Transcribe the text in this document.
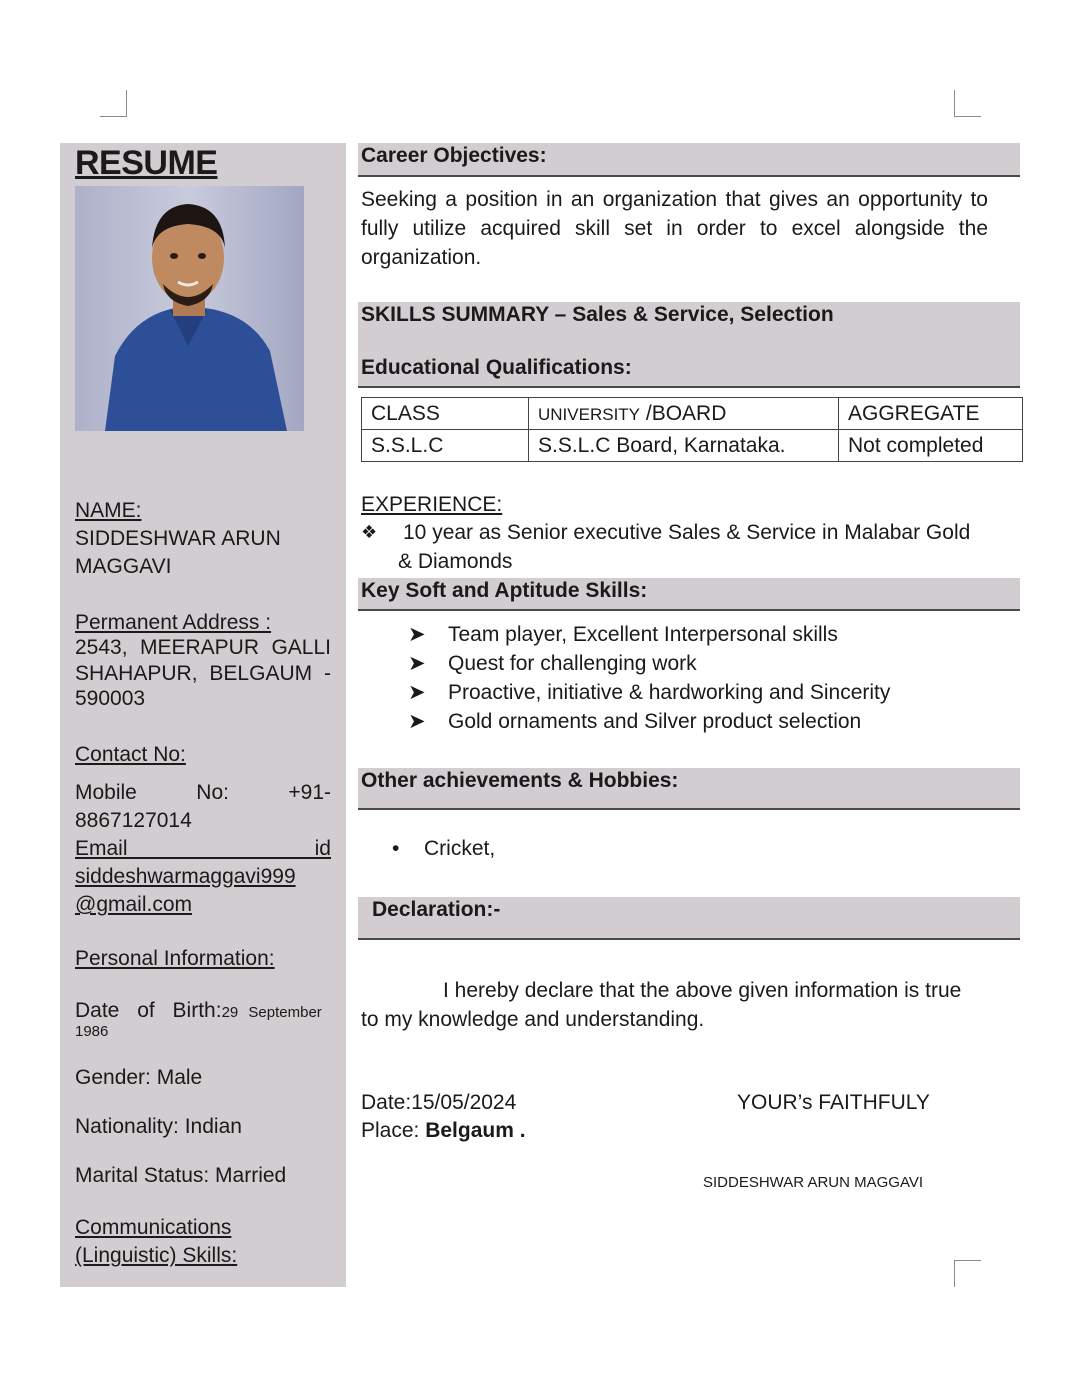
RESUME
NAME:
SIDDESHWAR ARUN MAGGAVI
Permanent Address :
2543, MEERAPUR GALLI
SHAHAPUR, BELGAUM -
590003
Contact No:
Mobile No: +91-
8867127014
Email id
siddeshwarmaggavi999
@gmail.com
Personal Information:
Date of Birth:29 September
1986
Gender: Male
Nationality: Indian
Marital Status: Married
Communications
(Linguistic) Skills:
Career Objectives:
Seeking a position in an organization that gives an opportunity to
fully utilize acquired skill set in order to excel alongside the
organization.
SKILLS SUMMARY – Sales & Service, Selection
Educational Qualifications:
CLASS	UNIVERSITY /BOARD	AGGREGATE
S.S.L.C	S.S.L.C Board, Karnataka.	Not completed
EXPERIENCE:
❖ 10 year as Senior executive Sales & Service in Malabar Gold
& Diamonds
Key Soft and Aptitude Skills:
➤ Team player, Excellent Interpersonal skills
➤ Quest for challenging work
➤ Proactive, initiative & hardworking and Sincerity
➤ Gold ornaments and Silver product selection
Other achievements & Hobbies:
•	Cricket,
Declaration:-
I hereby declare that the above given information is true
to my knowledge and understanding.
Date:15/05/2024	YOUR’s FAITHFULY
Place: Belgaum .
SIDDESHWAR ARUN MAGGAVI
